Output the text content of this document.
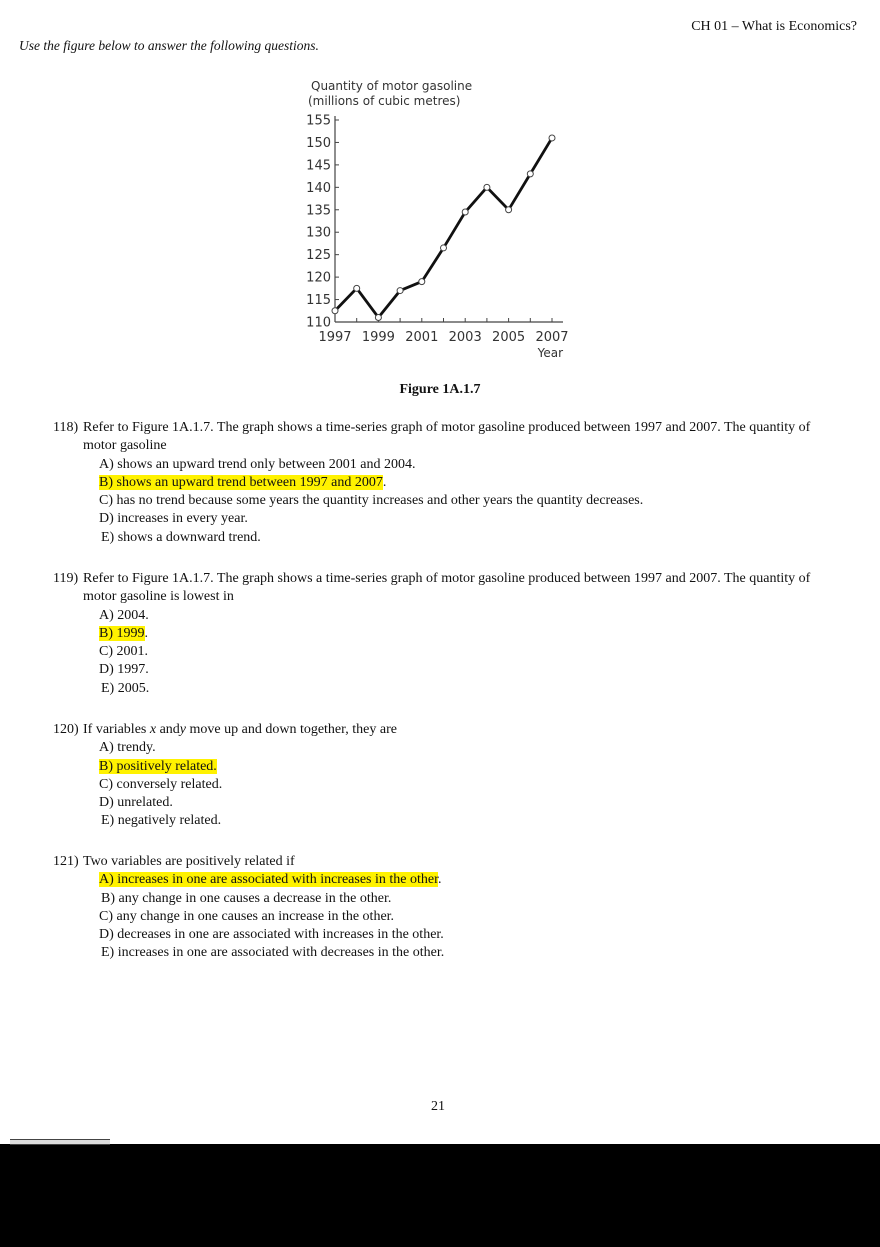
CH 01 – What is Economics?
Use the figure below to answer the following questions.
Quantity of motor gasoline
(millions of cubic metres)
110
115
120
125
130
135
140
145
150
155
1997 1999 2001 2003 2005 2007
Year
Figure 1A.1.7
118) Refer to Figure 1A.1.7. The graph shows a time-series graph of motor gasoline produced between 1997 and 2007. The quantity of motor gasoline
A) shows an upward trend only between 2001 and 2004.
B) shows an upward trend between 1997 and 2007.
C) has no trend because some years the quantity increases and other years the quantity decreases.
D) increases in every year.
E) shows a downward trend.
119) Refer to Figure 1A.1.7. The graph shows a time-series graph of motor gasoline produced between 1997 and 2007. The quantity of motor gasoline is lowest in
A) 2004.
B) 1999.
C) 2001.
D) 1997.
E) 2005.
120) If variables x andy move up and down together, they are
A) trendy.
B) positively related.
C) conversely related.
D) unrelated.
E) negatively related.
121) Two variables are positively related if
A) increases in one are associated with increases in the other.
B) any change in one causes a decrease in the other.
C) any change in one causes an increase in the other.
D) decreases in one are associated with increases in the other.
E) increases in one are associated with decreases in the other.
21
